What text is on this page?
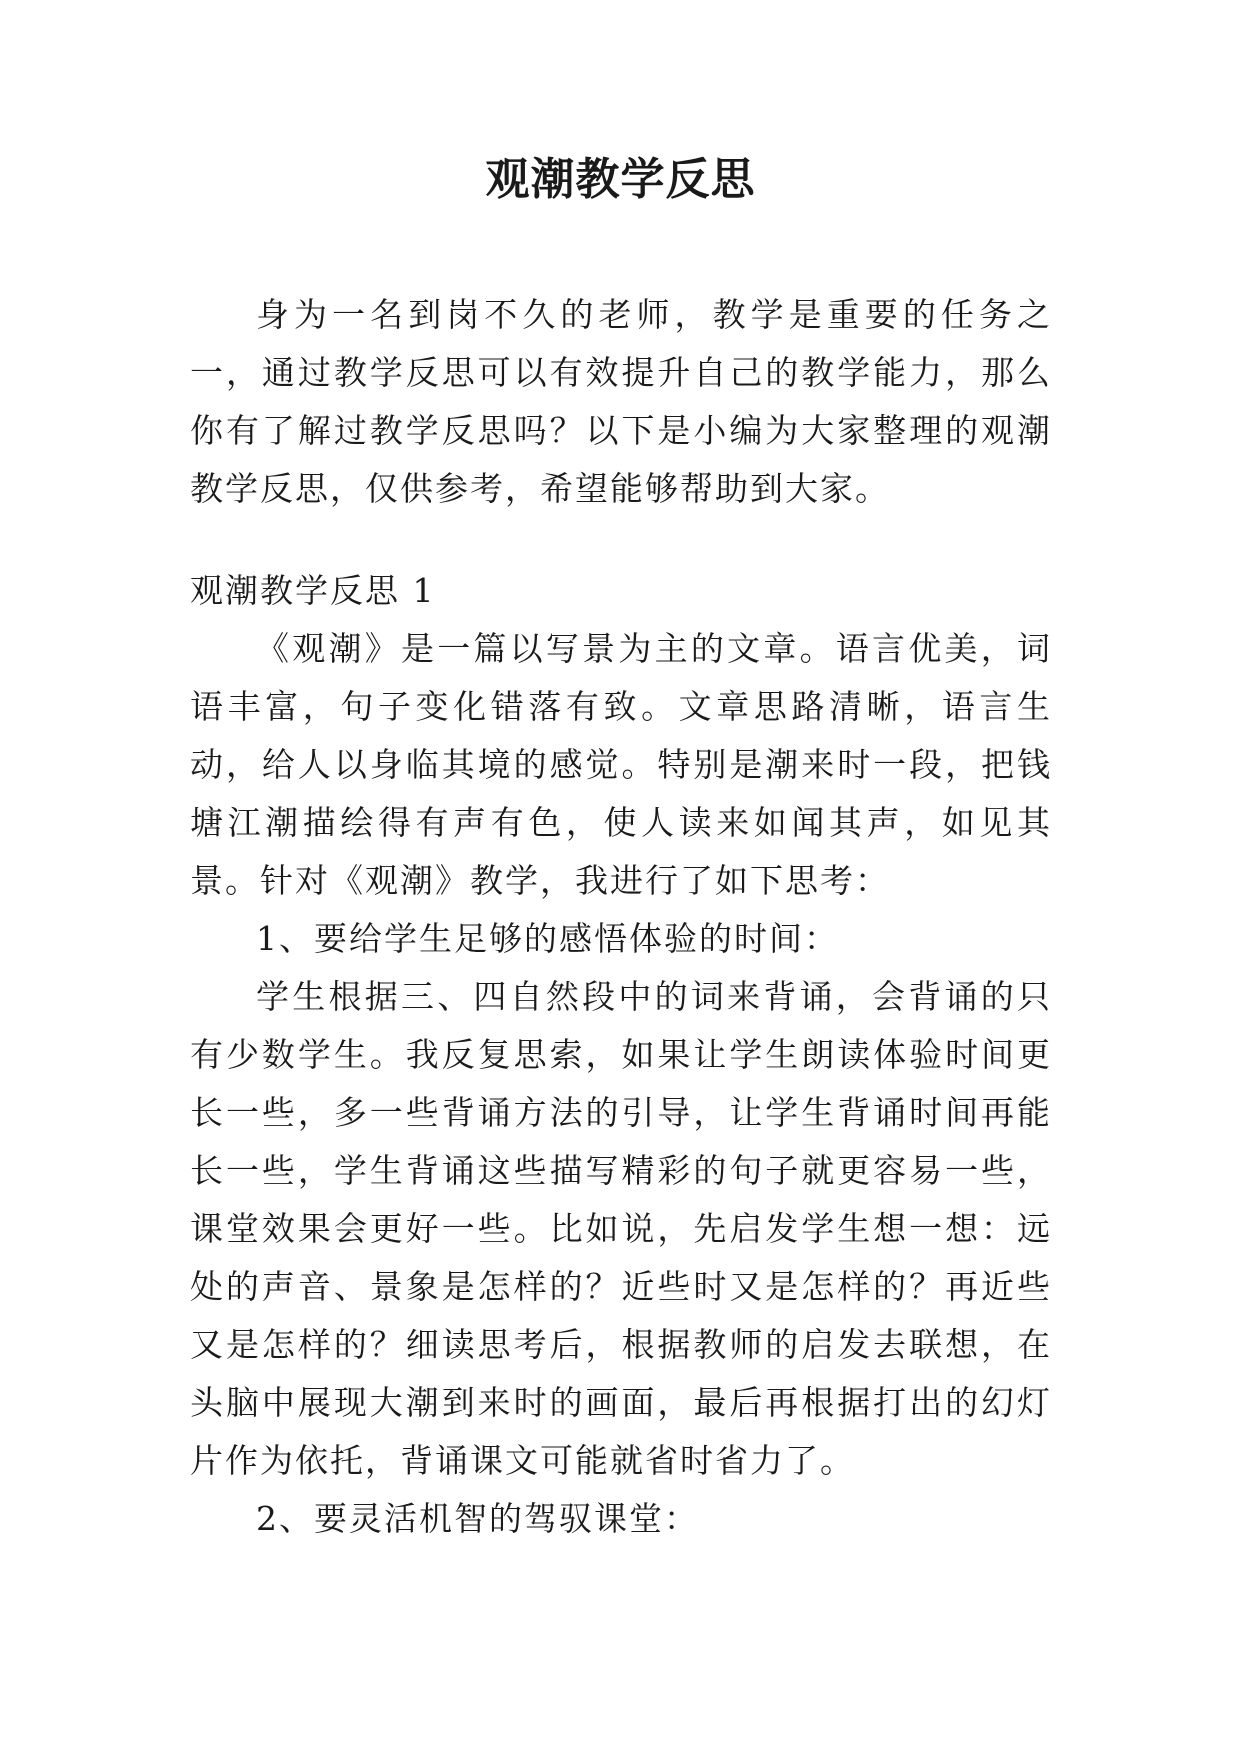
观潮教学反思

身为一名到岗不久的老师，教学是重要的任务之一，通过教学反思可以有效提升自己的教学能力，那么你有了解过教学反思吗？以下是小编为大家整理的观潮教学反思，仅供参考，希望能够帮助到大家。

观潮教学反思 1

《观潮》是一篇以写景为主的文章。语言优美，词语丰富，句子变化错落有致。文章思路清晰，语言生动，给人以身临其境的感觉。特别是潮来时一段，把钱塘江潮描绘得有声有色，使人读来如闻其声，如见其景。针对《观潮》教学，我进行了如下思考：

1、要给学生足够的感悟体验的时间：

学生根据三、四自然段中的词来背诵，会背诵的只有少数学生。我反复思索，如果让学生朗读体验时间更长一些，多一些背诵方法的引导，让学生背诵时间再能长一些，学生背诵这些描写精彩的句子就更容易一些，课堂效果会更好一些。比如说，先启发学生想一想：远处的声音、景象是怎样的？近些时又是怎样的？再近些又是怎样的？细读思考后，根据教师的启发去联想，在头脑中展现大潮到来时的画面，最后再根据打出的幻灯片作为依托，背诵课文可能就省时省力了。

2、要灵活机智的驾驭课堂：
